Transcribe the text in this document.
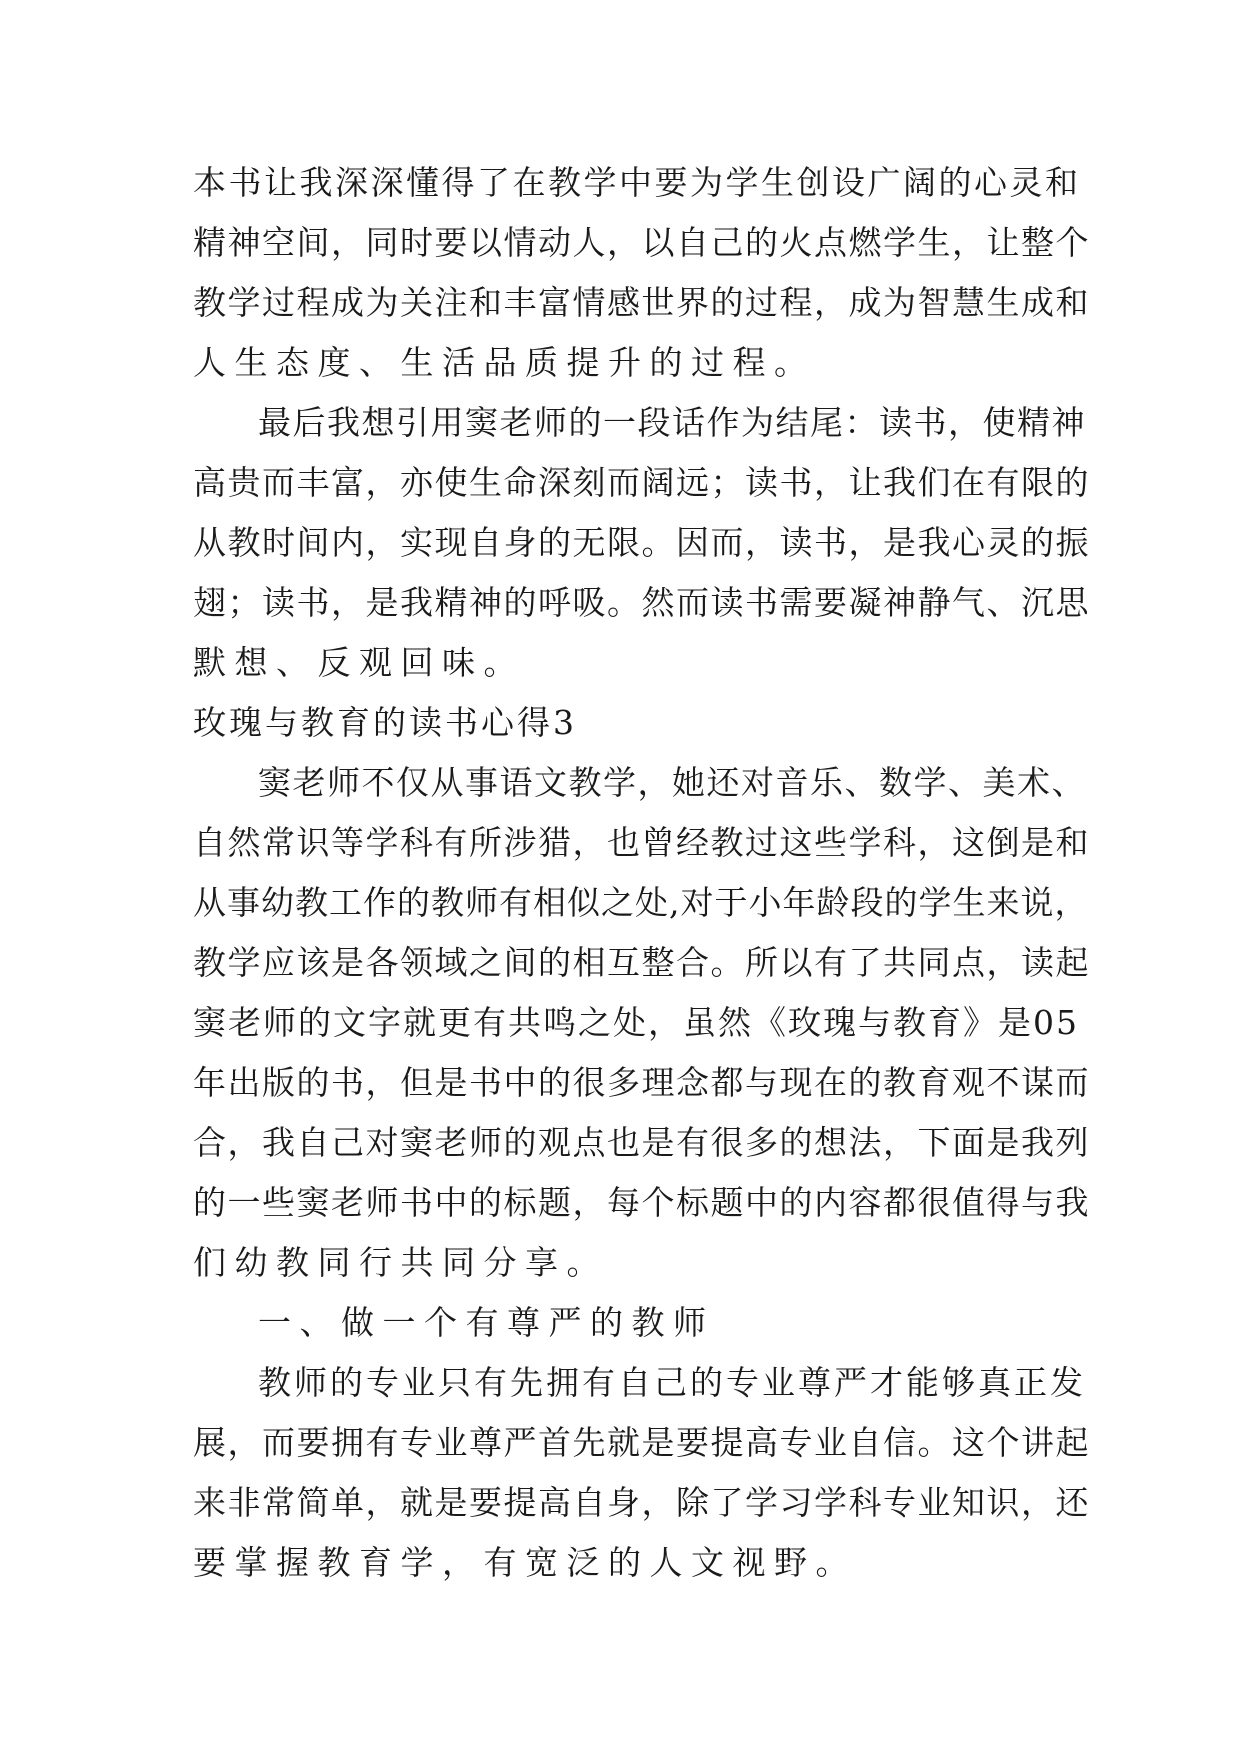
本书让我深深懂得了在教学中要为学生创设广阔的心灵和
精神空间，同时要以情动人，以自己的火点燃学生，让整个
教学过程成为关注和丰富情感世界的过程，成为智慧生成和
人生态度、生活品质提升的过程。
最后我想引用窦老师的一段话作为结尾：读书，使精神
高贵而丰富，亦使生命深刻而阔远；读书，让我们在有限的
从教时间内，实现自身的无限。因而，读书，是我心灵的振
翅；读书，是我精神的呼吸。然而读书需要凝神静气、沉思
默想、反观回味。
玫瑰与教育的读书心得3
窦老师不仅从事语文教学，她还对音乐、数学、美术、
自然常识等学科有所涉猎，也曾经教过这些学科，这倒是和
从事幼教工作的教师有相似之处,对于小年龄段的学生来说，
教学应该是各领域之间的相互整合。所以有了共同点，读起
窦老师的文字就更有共鸣之处，虽然《玫瑰与教育》是05
年出版的书，但是书中的很多理念都与现在的教育观不谋而
合，我自己对窦老师的观点也是有很多的想法，下面是我列
的一些窦老师书中的标题，每个标题中的内容都很值得与我
们幼教同行共同分享。
一、做一个有尊严的教师
教师的专业只有先拥有自己的专业尊严才能够真正发
展，而要拥有专业尊严首先就是要提高专业自信。这个讲起
来非常简单，就是要提高自身，除了学习学科专业知识，还
要掌握教育学，有宽泛的人文视野。
